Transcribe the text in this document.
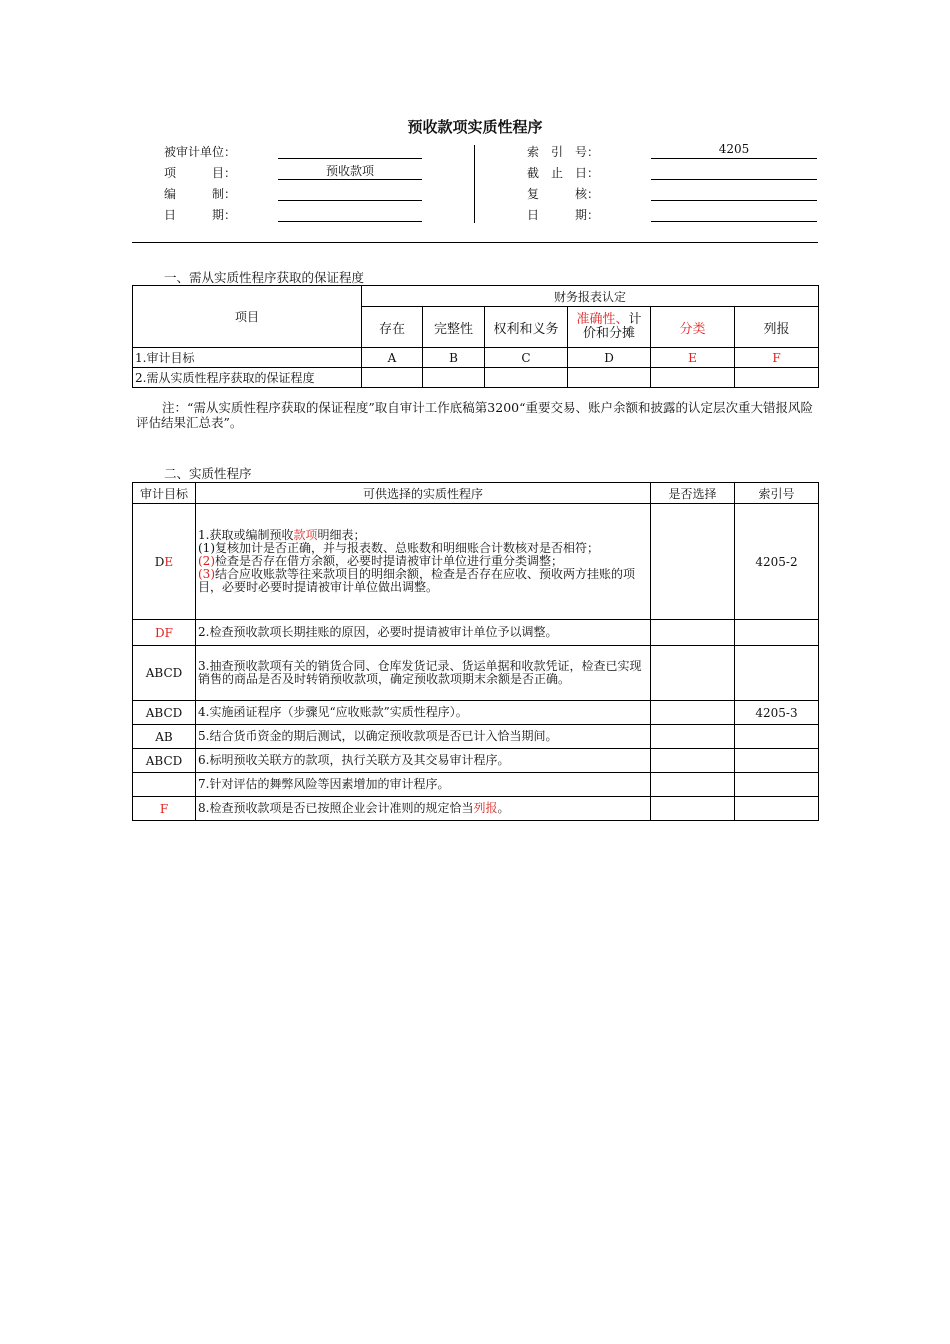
预收款项实质性程序
被审计单位：
项　　　目：	预收款项
编　　　制：
日　　　期：
索　引　号：	4205
截　止　日：
复　　　核：
日　　　期：
一、需从实质性程序获取的保证程度
项目	财务报表认定					
	存在	完整性	权利和义务	准确性、计价和分摊	分类	列报
1.审计目标	A	B	C	D	E	F
2.需从实质性程序获取的保证程度						
注：“需从实质性程序获取的保证程度”取自审计工作底稿第3200“重要交易、账户余额和披露的认定层次重大错报风险评估结果汇总表”。
二、实质性程序
审计目标	可供选择的实质性程序	是否选择	索引号
DE	1.获取或编制预收款项明细表；
(1)复核加计是否正确，并与报表数、总账数和明细账合计数核对是否相符；
(2)检查是否存在借方余额，必要时提请被审计单位进行重分类调整；
(3)结合应收账款等往来款项目的明细余额，检查是否存在应收、预收两方挂账的项目，必要时必要时提请被审计单位做出调整。		4205-2
DF	2.检查预收款项长期挂账的原因，必要时提请被审计单位予以调整。		
ABCD	3.抽查预收款项有关的销货合同、仓库发货记录、货运单据和收款凭证，检查已实现销售的商品是否及时转销预收款项，确定预收款项期末余额是否正确。		
ABCD	4.实施函证程序（步骤见“应收账款”实质性程序）。		4205-3
AB	5.结合货币资金的期后测试，以确定预收款项是否已计入恰当期间。		
ABCD	6.标明预收关联方的款项，执行关联方及其交易审计程序。		
	7.针对评估的舞弊风险等因素增加的审计程序。		
F	8.检查预收款项是否已按照企业会计准则的规定恰当列报。		
